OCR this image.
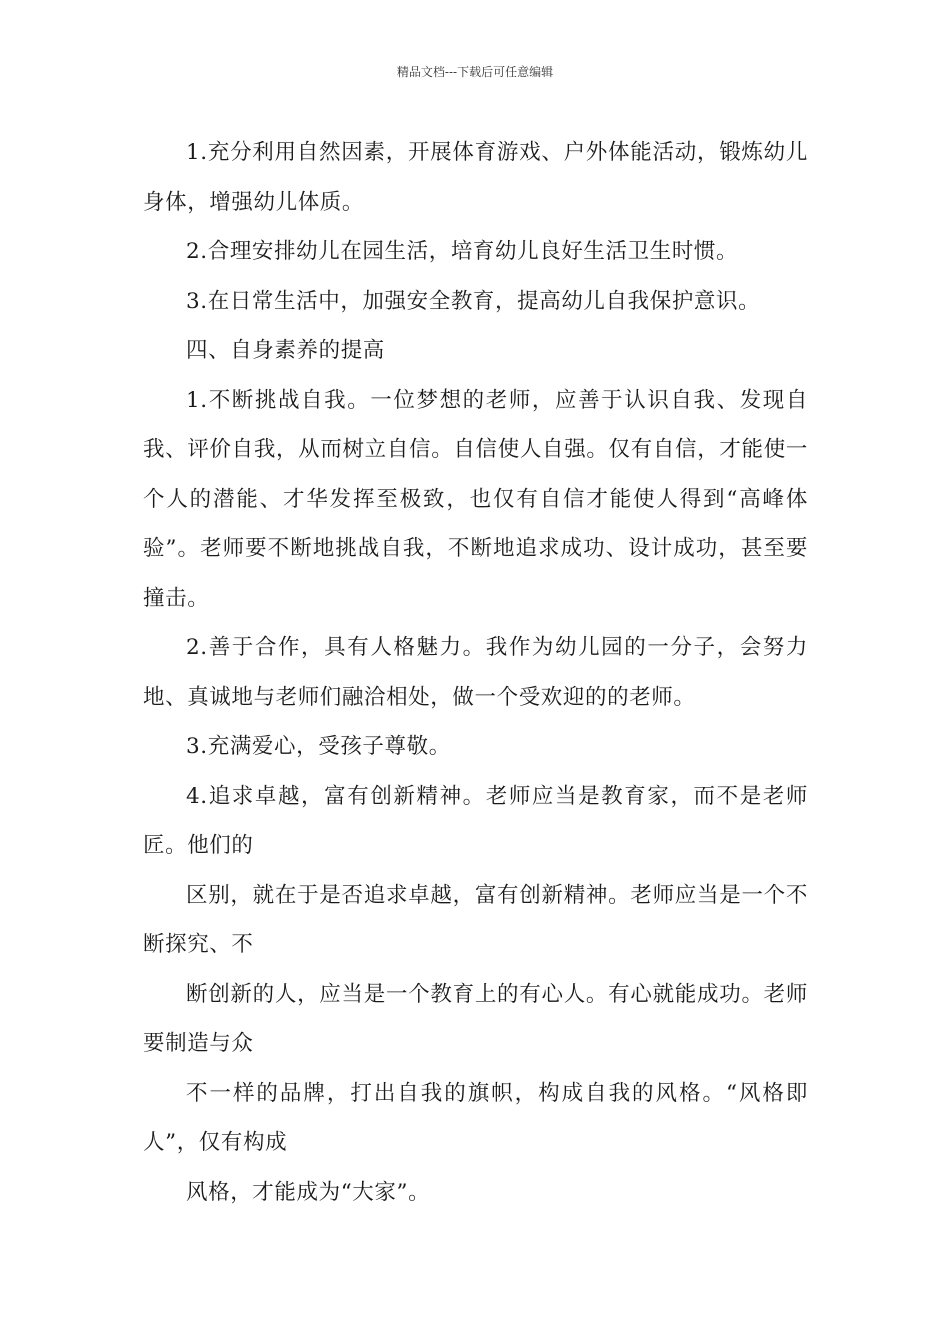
精品文档---下载后可任意编辑

1.充分利用自然因素，开展体育游戏、户外体能活动，锻炼幼儿身体，增强幼儿体质。

2.合理安排幼儿在园生活，培育幼儿良好生活卫生时惯。

3.在日常生活中，加强安全教育，提高幼儿自我保护意识。

四、自身素养的提高

1.不断挑战自我。一位梦想的老师，应善于认识自我、发现自我、评价自我，从而树立自信。自信使人自强。仅有自信，才能使一个人的潜能、才华发挥至极致，也仅有自信才能使人得到“高峰体验”。老师要不断地挑战自我，不断地追求成功、设计成功，甚至要撞击。

2.善于合作，具有人格魅力。我作为幼儿园的一分子，会努力地、真诚地与老师们融洽相处，做一个受欢迎的的老师。

3.充满爱心，受孩子尊敬。

4.追求卓越，富有创新精神。老师应当是教育家，而不是老师匠。他们的

区别，就在于是否追求卓越，富有创新精神。老师应当是一个不断探究、不

断创新的人，应当是一个教育上的有心人。有心就能成功。老师要制造与众

不一样的品牌，打出自我的旗帜，构成自我的风格。“风格即人”，仅有构成

风格，才能成为“大家”。
